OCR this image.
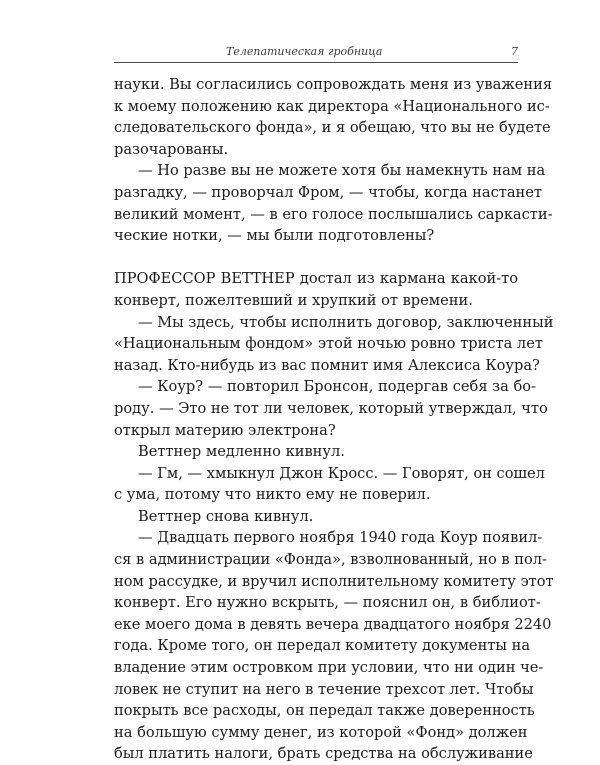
Телепатическая гробница	7
науки. Вы согласились сопровождать меня из уважения
к моему положению как директора «Национального ис-
следовательского фонда», и я обещаю, что вы не будете
разочарованы.
— Но разве вы не можете хотя бы намекнуть нам на
разгадку, — проворчал Фром, — чтобы, когда настанет
великий момент, — в его голосе послышались саркасти-
ческие нотки, — мы были подготовлены?
ПРОФЕССОР ВЕТТНЕР достал из кармана какой-то
конверт, пожелтевший и хрупкий от времени.
— Мы здесь, чтобы исполнить договор, заключенный
«Национальным фондом» этой ночью ровно триста лет
назад. Кто-нибудь из вас помнит имя Алексиса Коура?
— Коур? — повторил Бронсон, подергав себя за бо-
роду. — Это не тот ли человек, который утверждал, что
открыл материю электрона?
Веттнер медленно кивнул.
— Гм, — хмыкнул Джон Кросс. — Говорят, он сошел
с ума, потому что никто ему не поверил.
Веттнер снова кивнул.
— Двадцать первого ноября 1940 года Коур появил-
ся в администрации «Фонда», взволнованный, но в пол-
ном рассудке, и вручил исполнительному комитету этот
конверт. Его нужно вскрыть, — пояснил он, в библиот-
еке моего дома в девять вечера двадцатого ноября 2240
года. Кроме того, он передал комитету документы на
владение этим островком при условии, что ни один че-
ловек не ступит на него в течение трехсот лет. Чтобы
покрыть все расходы, он передал также доверенность
на большую сумму денег, из которой «Фонд» должен
был платить налоги, брать средства на обслуживание
